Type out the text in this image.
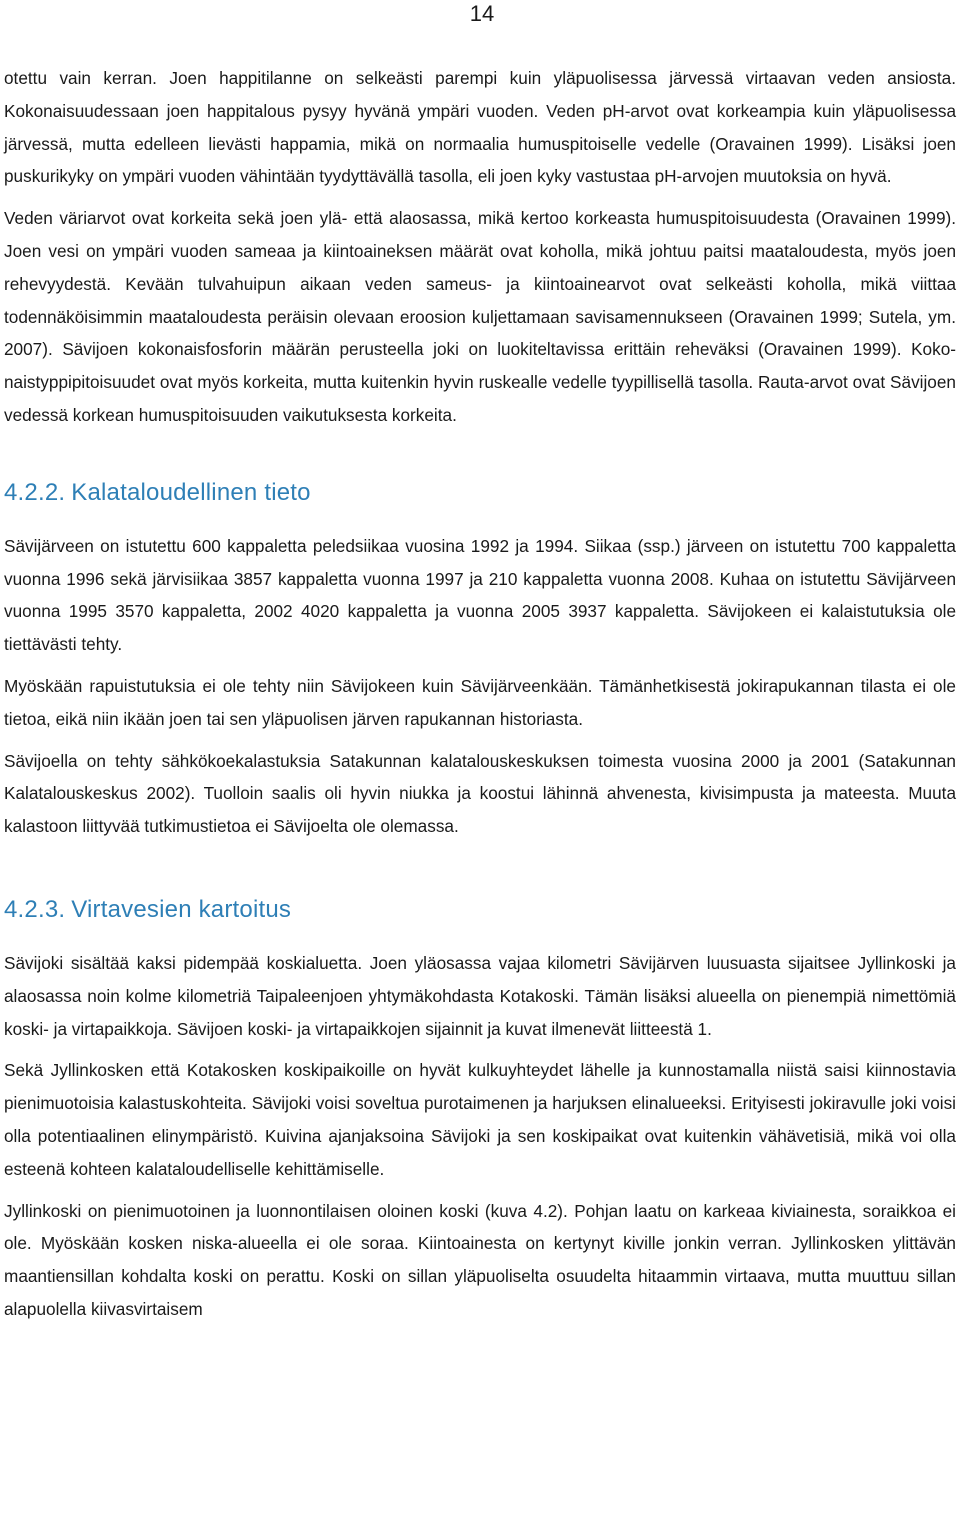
14

otettu vain kerran. Joen happitilanne on selkeästi parempi kuin yläpuolisessa järvessä virtaavan veden ansiosta. Kokonaisuudessaan joen happitalous pysyy hyvänä ympäri vuoden. Veden pH-arvot ovat korkeampia kuin yläpuolisessa järvessä, mutta edelleen lievästi happamia, mikä on normaalia humuspitoiselle vedelle (Oravainen 1999). Lisäksi joen puskurikyky on ympäri vuoden vähintään tyydyttävällä tasolla, eli joen kyky vastustaa pH-arvojen muutoksia on hyvä.

Veden väriarvot ovat korkeita sekä joen ylä- että alaosassa, mikä kertoo korkeasta humuspitoisuudesta (Oravainen 1999). Joen vesi on ympäri vuoden sameaa ja kiintoaineksen määrät ovat koholla, mikä johtuu paitsi maataloudesta, myös joen rehevyydestä. Kevään tulvahuipun aikaan veden sameus- ja kiintoainearvot ovat selkeästi koholla, mikä viittaa todennäköisimmin maataloudesta peräisin olevaan eroosion kuljettamaan savisamennukseen (Oravainen 1999; Sutela, ym. 2007). Sävijoen kokonaisfosforin määrän perusteella joki on luokiteltavissa erittäin reheväksi (Oravainen 1999). Kokonaistyppipitoisuudet ovat myös korkeita, mutta kuitenkin hyvin ruskealle vedelle tyypillisellä tasolla. Rauta-arvot ovat Sävijoen vedessä korkean humuspitoisuuden vaikutuksesta korkeita.

4.2.2. Kalataloudellinen tieto

Sävijärveen on istutettu 600 kappaletta peledsiikaa vuosina 1992 ja 1994. Siikaa (ssp.) järveen on istutettu 700 kappaletta vuonna 1996 sekä järvisiikaa 3857 kappaletta vuonna 1997 ja 210 kappaletta vuonna 2008. Kuhaa on istutettu Sävijärveen vuonna 1995 3570 kappaletta, 2002 4020 kappaletta ja vuonna 2005 3937 kappaletta. Sävijokeen ei kalaistutuksia ole tiettävästi tehty.

Myöskään rapuistutuksia ei ole tehty niin Sävijokeen kuin Sävijärveenkään. Tämänhetkisestä jokirapukannan tilasta ei ole tietoa, eikä niin ikään joen tai sen yläpuolisen järven rapukannan historiasta.

Sävijoella on tehty sähkökoekalastuksia Satakunnan kalatalouskeskuksen toimesta vuosina 2000 ja 2001 (Satakunnan Kalatalouskeskus 2002). Tuolloin saalis oli hyvin niukka ja koostui lähinnä ahvenesta, kivisimpusta ja mateesta. Muuta kalastoon liittyvää tutkimustietoa ei Sävijoelta ole olemassa.

4.2.3. Virtavesien kartoitus

Sävijoki sisältää kaksi pidempää koskialuetta. Joen yläosassa vajaa kilometri Sävijärven luusuasta sijaitsee Jyllinkoski ja alaosassa noin kolme kilometriä Taipaleenjoen yhtymäkohdasta Kotakoski. Tämän lisäksi alueella on pienempiä nimettömiä koski- ja virtapaikkoja. Sävijoen koski- ja virtapaikkojen sijainnit ja kuvat ilmenevät liitteestä 1.

Sekä Jyllinkosken että Kotakosken koskipaikoille on hyvät kulkuyhteydet lähelle ja kunnostamalla niistä saisi kiinnostavia pienimuotoisia kalastuskohteita. Sävijoki voisi soveltua purotaimenen ja harjuksen elinalueeksi. Erityisesti jokiravulle joki voisi olla potentiaalinen elinympäristö. Kuivina ajanjaksoina Sävijoki ja sen koskipaikat ovat kuitenkin vähävetisiä, mikä voi olla esteenä kohteen kalataloudelliselle kehittämiselle.

Jyllinkoski on pienimuotoinen ja luonnontilaisen oloinen koski (kuva 4.2). Pohjan laatu on karkeaa kiviainesta, soraikkoa ei ole. Myöskään kosken niska-alueella ei ole soraa. Kiintoainesta on kertynyt kiville jonkin verran. Jyllinkosken ylittävän maantiensillan kohdalta koski on perattu. Koski on sillan yläpuoliselta osuudelta hitaammin virtaava, mutta muuttuu sillan alapuolella kiivasvirtaisem
